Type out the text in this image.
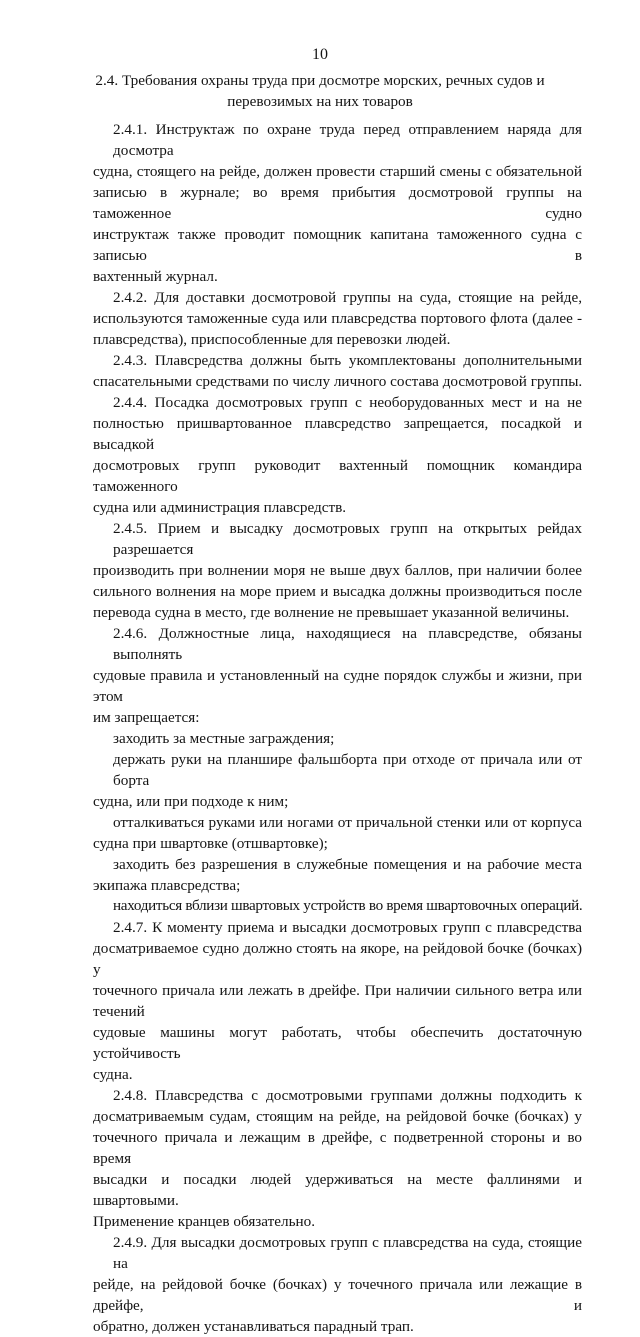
10
2.4. Требования охраны труда при досмотре морских, речных судов и
перевозимых на них товаров
2.4.1. Инструктаж по охране труда перед отправлением наряда для досмотра
судна, стоящего на рейде, должен провести старший смены с обязательной
записью в журнале; во время прибытия досмотровой группы на таможенное судно
инструктаж также проводит помощник капитана таможенного судна с записью в
вахтенный журнал.
2.4.2. Для доставки досмотровой группы на суда, стоящие на рейде,
используются таможенные суда или плавсредства портового флота (далее -
плавсредства), приспособленные для перевозки людей.
2.4.3. Плавсредства должны быть укомплектованы дополнительными
спасательными средствами по числу личного состава досмотровой группы.
2.4.4. Посадка досмотровых групп с необорудованных мест и на не
полностью пришвартованное плавсредство запрещается, посадкой и высадкой
досмотровых групп руководит вахтенный помощник командира таможенного
судна или администрация плавсредств.
2.4.5. Прием и высадку досмотровых групп на открытых рейдах разрешается
производить при волнении моря не выше двух баллов, при наличии более
сильного волнения на море прием и высадка должны производиться после
перевода судна в место, где волнение не превышает указанной величины.
2.4.6. Должностные лица, находящиеся на плавсредстве, обязаны выполнять
судовые правила и установленный на судне порядок службы и жизни, при этом
им запрещается:
заходить за местные заграждения;
держать руки на планшире фальшборта при отходе от причала или от борта
судна, или при подходе к ним;
отталкиваться руками или ногами от причальной стенки или от корпуса
судна при швартовке (отшвартовке);
заходить без разрешения в служебные помещения и на рабочие места
экипажа плавсредства;
находиться вблизи швартовых устройств во время швартовочных операций.
2.4.7. К моменту приема и высадки досмотровых групп с плавсредства
досматриваемое судно должно стоять на якоре, на рейдовой бочке (бочках) у
точечного причала или лежать в дрейфе. При наличии сильного ветра или течений
судовые машины могут работать, чтобы обеспечить достаточную устойчивость
судна.
2.4.8. Плавсредства с досмотровыми группами должны подходить к
досматриваемым судам, стоящим на рейде, на рейдовой бочке (бочках) у
точечного причала и лежащим в дрейфе, с подветренной стороны и во время
высадки и посадки людей удерживаться на месте фаллинями и швартовыми.
Применение кранцев обязательно.
2.4.9. Для высадки досмотровых групп с плавсредства на суда, стоящие на
рейде, на рейдовой бочке (бочках) у точечного причала или лежащие в дрейфе, и
обратно, должен устанавливаться парадный трап.
